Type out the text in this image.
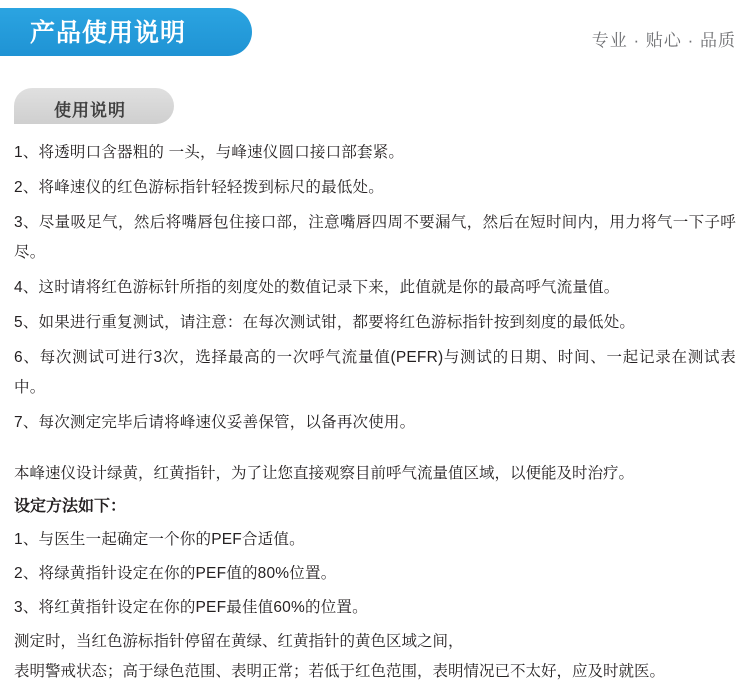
产品使用说明	专业 · 贴心 · 品质
使用说明

1、将透明口含器粗的 一头，与峰速仪圆口接口部套紧。

2、将峰速仪的红色游标指针轻轻拨到标尺的最低处。

3、尽量吸足气，然后将嘴唇包住接口部，注意嘴唇四周不要漏气，然后在短时间内，用力将气一下子呼尽。

4、这时请将红色游标针所指的刻度处的数值记录下来，此值就是你的最高呼气流量值。

5、如果进行重复测试，请注意：在每次测试钳，都要将红色游标指针按到刻度的最低处。

6、每次测试可进行3次，选择最高的一次呼气流量值(PEFR)与测试的日期、时间、一起记录在测试表中。

7、每次测定完毕后请将峰速仪妥善保管，以备再次使用。

本峰速仪设计绿黄，红黄指针，为了让您直接观察目前呼气流量值区域，以便能及时治疗。

设定方法如下：

1、与医生一起确定一个你的PEF合适值。

2、将绿黄指针设定在你的PEF值的80%位置。

3、将红黄指针设定在你的PEF最佳值60%的位置。

测定时，当红色游标指针停留在黄绿、红黄指针的黄色区域之间，

表明警戒状态；高于绿色范围、表明正常；若低于红色范围，表明情况已不太好，应及时就医。
